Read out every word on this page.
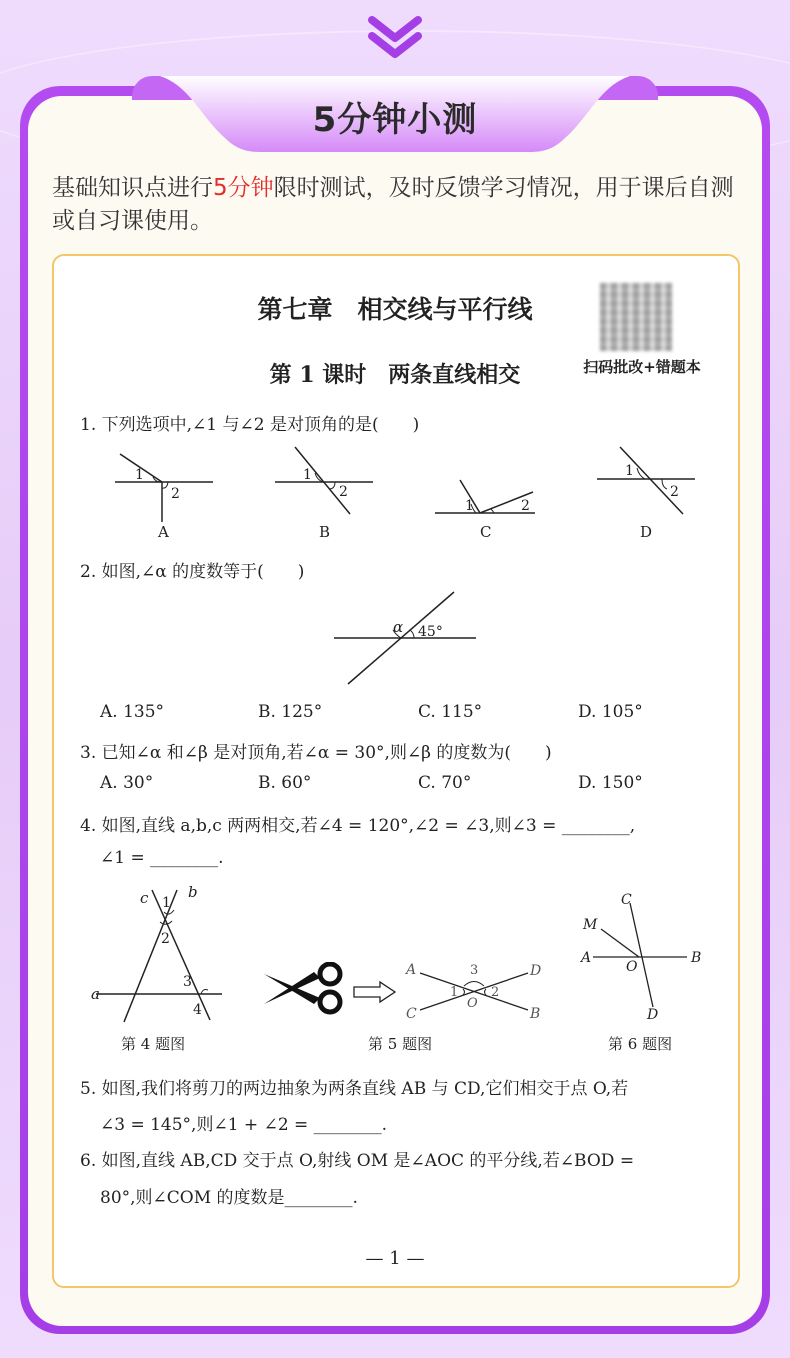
5分钟小测
基础知识点进行5分钟限时测试，及时反馈学习情况，用于课后自测或自习课使用。
第七章　相交线与平行线
第 1 课时　两条直线相交	扫码批改+错题本
1. 下列选项中,∠1 与∠2 是对顶角的是(　　)
1
2
A
1
2
B
1	2
C
1
2
D
2. 如图,∠α 的度数等于(　　)
α 45°
A. 135°	B. 125°	C. 115°	D. 105°
3. 已知∠α 和∠β 是对顶角,若∠α = 30°,则∠β 的度数为(　　)
A. 30°	B. 60°	C. 70°	D. 150°
4. 如图,直线 a,b,c 两两相交,若∠4 = 120°,∠2 = ∠3,则∠3 = ________,
∠1 = ________.
a
b
c 1
2
3
4
第 4 题图
A
B
C
D
O
1	2
3
第 5 题图
A	B
C
D
M
O
第 6 题图
5. 如图,我们将剪刀的两边抽象为两条直线 AB 与 CD,它们相交于点 O,若
∠3 = 145°,则∠1 + ∠2 = ________.
6. 如图,直线 AB,CD 交于点 O,射线 OM 是∠AOC 的平分线,若∠BOD =
80°,则∠COM 的度数是________.
— 1 —
